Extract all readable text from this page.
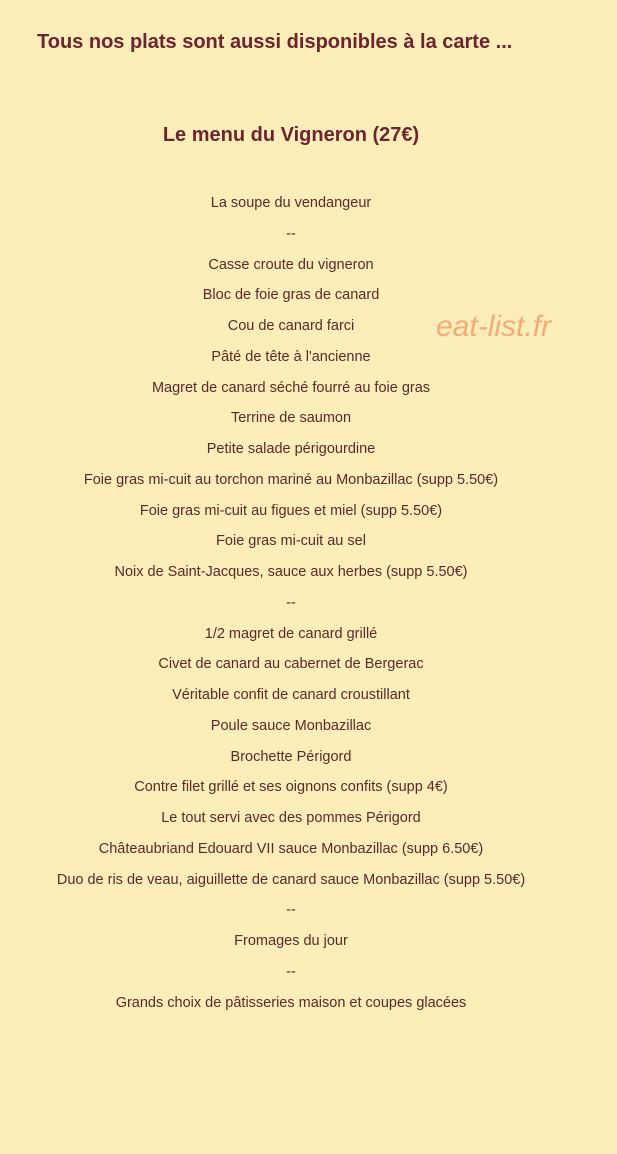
Tous nos plats sont aussi disponibles à la carte ...
Le menu du Vigneron (27€)
eat-list.fr
La soupe du vendangeur
--
Casse croute du vigneron
Bloc de foie gras de canard
Cou de canard farci
Pâté de tête à l'ancienne
Magret de canard séché fourré au foie gras
Terrine de saumon
Petite salade périgourdine
Foie gras mi-cuit au torchon mariné au Monbazillac (supp 5.50€)
Foie gras mi-cuit au figues et miel (supp 5.50€)
Foie gras mi-cuit au sel
Noix de Saint-Jacques, sauce aux herbes (supp 5.50€)
--
1/2 magret de canard grillé
Civet de canard au cabernet de Bergerac
Véritable confit de canard croustillant
Poule sauce Monbazillac
Brochette Périgord
Contre filet grillé et ses oignons confits (supp 4€)
Le tout servi avec des pommes Périgord
Châteaubriand Edouard VII sauce Monbazillac (supp 6.50€)
Duo de ris de veau, aiguillette de canard sauce Monbazillac (supp 5.50€)
--
Fromages du jour
--
Grands choix de pâtisseries maison et coupes glacées
